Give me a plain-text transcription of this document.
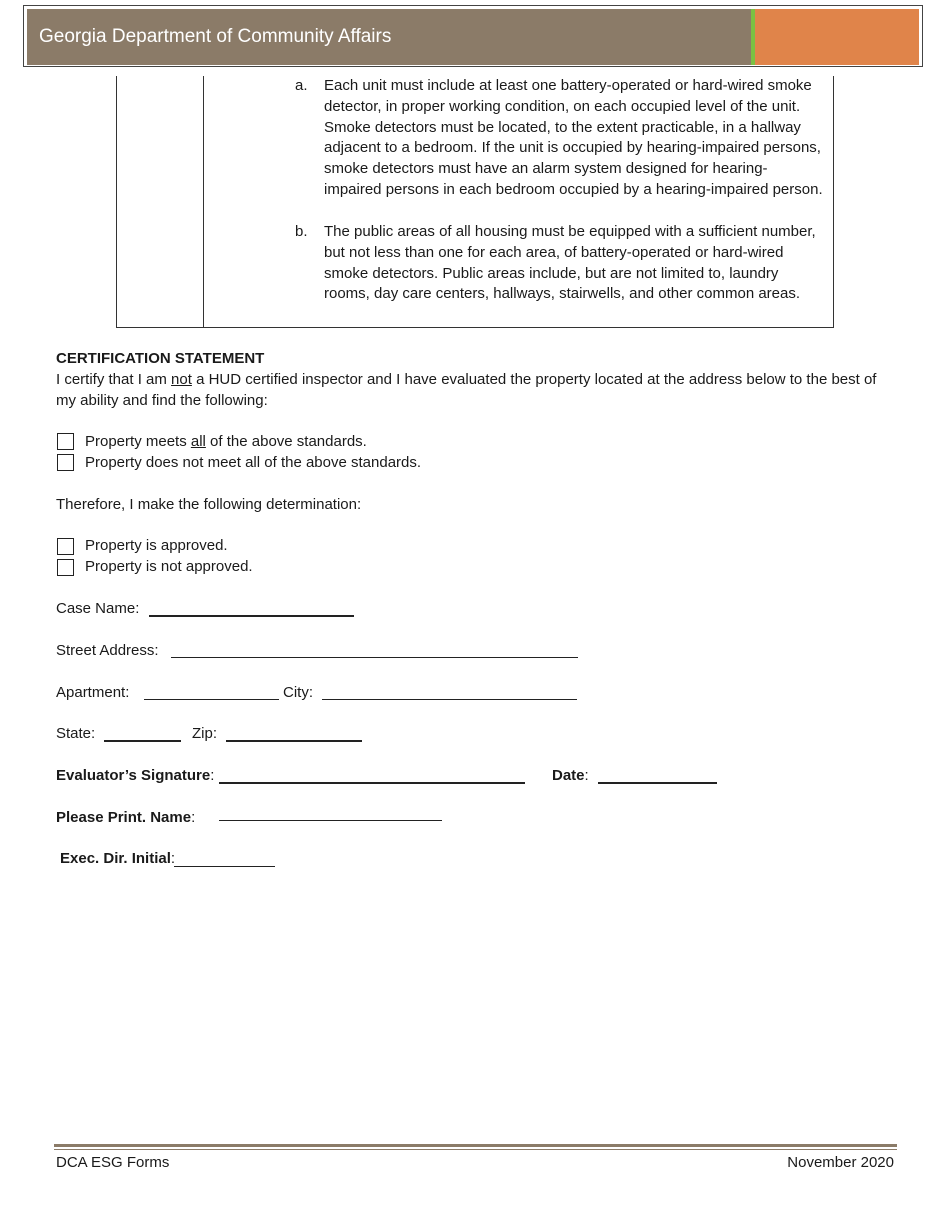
Georgia Department of Community Affairs
a.	Each unit must include at least one battery-operated or hard-wired smoke detector, in proper working condition, on each occupied level of the unit. Smoke detectors must be located, to the extent practicable, in a hallway adjacent to a bedroom. If the unit is occupied by hearing-impaired persons, smoke detectors must have an alarm system designed for hearing-impaired persons in each bedroom occupied by a hearing-impaired person.
b.	The public areas of all housing must be equipped with a sufficient number, but not less than one for each area, of battery-operated or hard-wired smoke detectors. Public areas include, but are not limited to, laundry rooms, day care centers, hallways, stairwells, and other common areas.
CERTIFICATION STATEMENT
I certify that I am not a HUD certified inspector and I have evaluated the property located at the address below to the best of my ability and find the following:
Property meets all of the above standards.
Property does not meet all of the above standards.
Therefore, I make the following determination:
Property is approved.
Property is not approved.
Case Name:
Street Address:
Apartment:	City:
State:	Zip:
Evaluator’s Signature:	Date:
Please Print. Name:
Exec. Dir. Initial:
DCA ESG Forms	November 2020
